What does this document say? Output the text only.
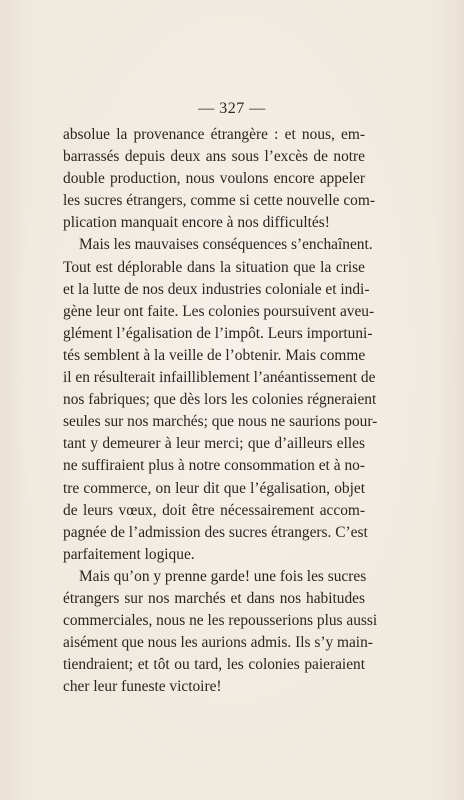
— 327 —
absolue la provenance étrangère : et nous, em-
barrassés depuis deux ans sous l’excès de notre
double production, nous voulons encore appeler
les sucres étrangers, comme si cette nouvelle com-
plication manquait encore à nos difficultés!
Mais les mauvaises conséquences s’enchaînent.
Tout est déplorable dans la situation que la crise
et la lutte de nos deux industries coloniale et indi-
gène leur ont faite. Les colonies poursuivent aveu-
glément l’égalisation de l’impôt. Leurs importuni-
tés semblent à la veille de l’obtenir. Mais comme
il en résulterait infailliblement l’anéantissement de
nos fabriques; que dès lors les colonies régneraient
seules sur nos marchés; que nous ne saurions pour-
tant y demeurer à leur merci; que d’ailleurs elles
ne suffiraient plus à notre consommation et à no-
tre commerce, on leur dit que l’égalisation, objet
de leurs vœux, doit être nécessairement accom-
pagnée de l’admission des sucres étrangers. C’est
parfaitement logique.
Mais qu’on y prenne garde! une fois les sucres
étrangers sur nos marchés et dans nos habitudes
commerciales, nous ne les repousserions plus aussi
aisément que nous les aurions admis. Ils s’y main-
tiendraient; et tôt ou tard, les colonies paieraient
cher leur funeste victoire!
